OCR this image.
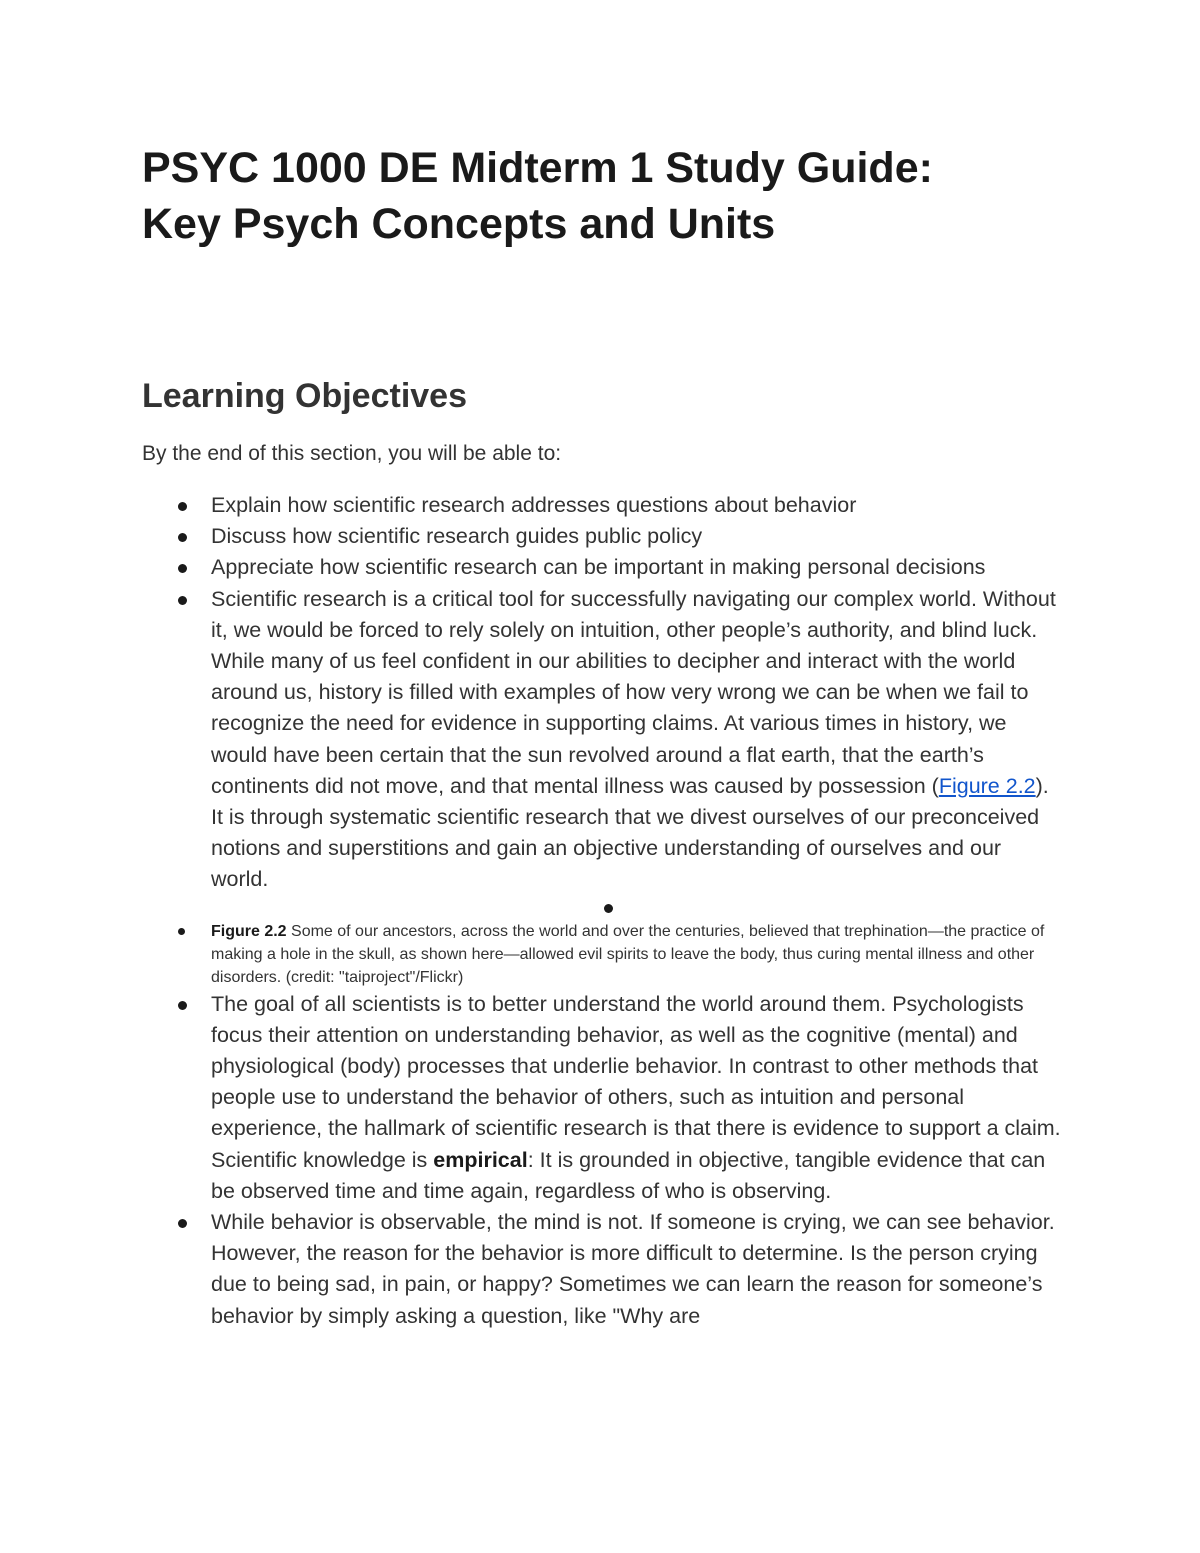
PSYC 1000 DE Midterm 1 Study Guide:
Key Psych Concepts and Units
Learning Objectives

By the end of this section, you will be able to:

Explain how scientific research addresses questions about behavior
Discuss how scientific research guides public policy
Appreciate how scientific research can be important in making personal decisions
Scientific research is a critical tool for successfully navigating our complex world. Without it, we would be forced to rely solely on intuition, other people’s authority, and blind luck. While many of us feel confident in our abilities to decipher and interact with the world around us, history is filled with examples of how very wrong we can be when we fail to recognize the need for evidence in supporting claims. At various times in history, we would have been certain that the sun revolved around a flat earth, that the earth’s continents did not move, and that mental illness was caused by possession (Figure 2.2). It is through systematic scientific research that we divest ourselves of our preconceived notions and superstitions and gain an objective understanding of ourselves and our world.
Figure 2.2 Some of our ancestors, across the world and over the centuries, believed that trephination—the practice of making a hole in the skull, as shown here—allowed evil spirits to leave the body, thus curing mental illness and other disorders. (credit: "taiproject"/Flickr)
The goal of all scientists is to better understand the world around them. Psychologists focus their attention on understanding behavior, as well as the cognitive (mental) and physiological (body) processes that underlie behavior. In contrast to other methods that people use to understand the behavior of others, such as intuition and personal experience, the hallmark of scientific research is that there is evidence to support a claim. Scientific knowledge is empirical: It is grounded in objective, tangible evidence that can be observed time and time again, regardless of who is observing.
While behavior is observable, the mind is not. If someone is crying, we can see behavior. However, the reason for the behavior is more difficult to determine. Is the person crying due to being sad, in pain, or happy? Sometimes we can learn the reason for someone’s behavior by simply asking a question, like "Why are
